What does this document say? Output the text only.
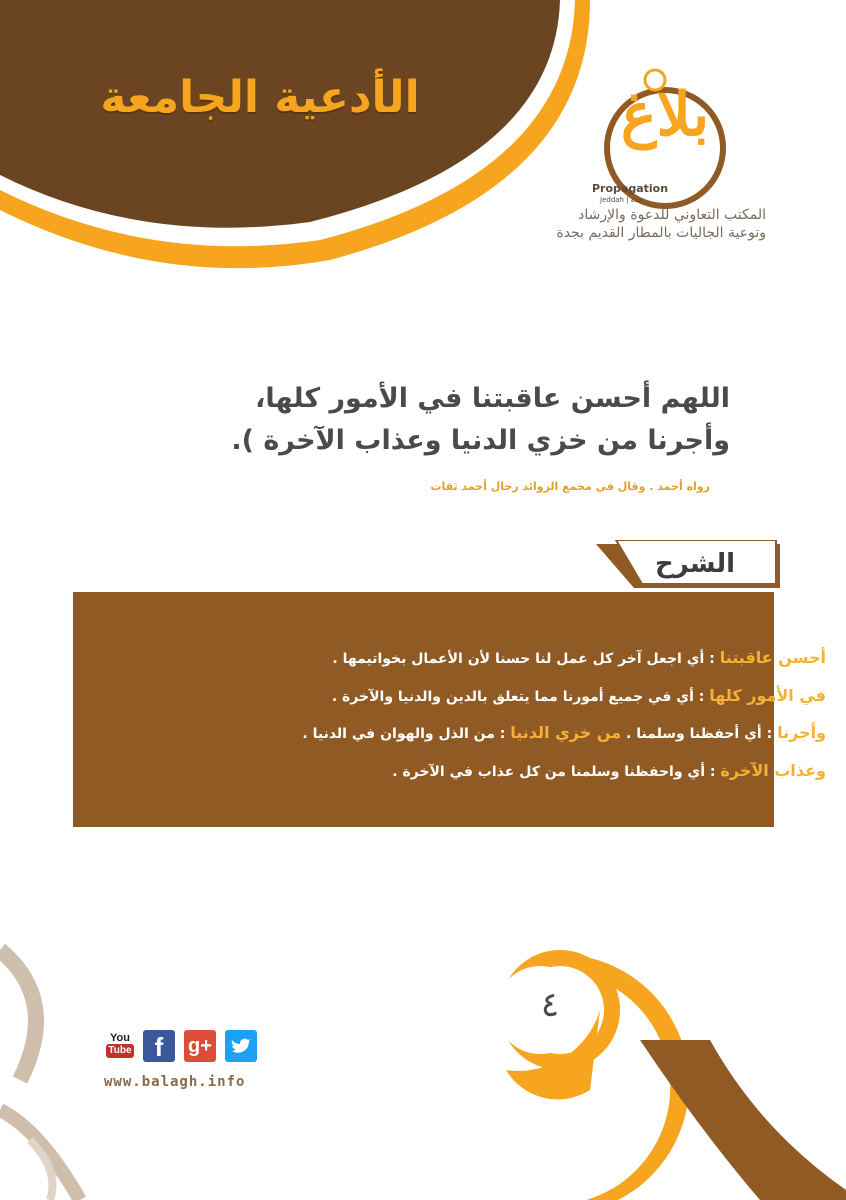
الأدعية الجامعة	بلاغ
Propagation
Jeddah | جدة
المكتب التعاوني للدعوة والإرشاد
وتوعية الجاليات بالمطار القديم بجدة
اللهم أحسن عاقبتنا في الأمور كلها،
وأجرنا من خزي الدنيا وعذاب الآخرة ).
رواه أحمد . وقال في مجمع الزوائد رجال أحمد ثقات
الشرح
أحسن عاقبتنا : أي اجعل آخر كل عمل لنا حسنا لأن الأعمال بخواتيمها .
في الأمور كلها : أي في جميع أمورنا مما يتعلق بالدين والدنيا والآخرة .
وأجرنا : أي أحفظنا وسلمنا . من خزي الدنيا : من الذل والهوان في الدنيا .
وعذاب الآخرة : أي واحفظنا وسلمنا من كل عذاب في الآخرة .
٤
You
Tube f	g+
www.balagh.info
